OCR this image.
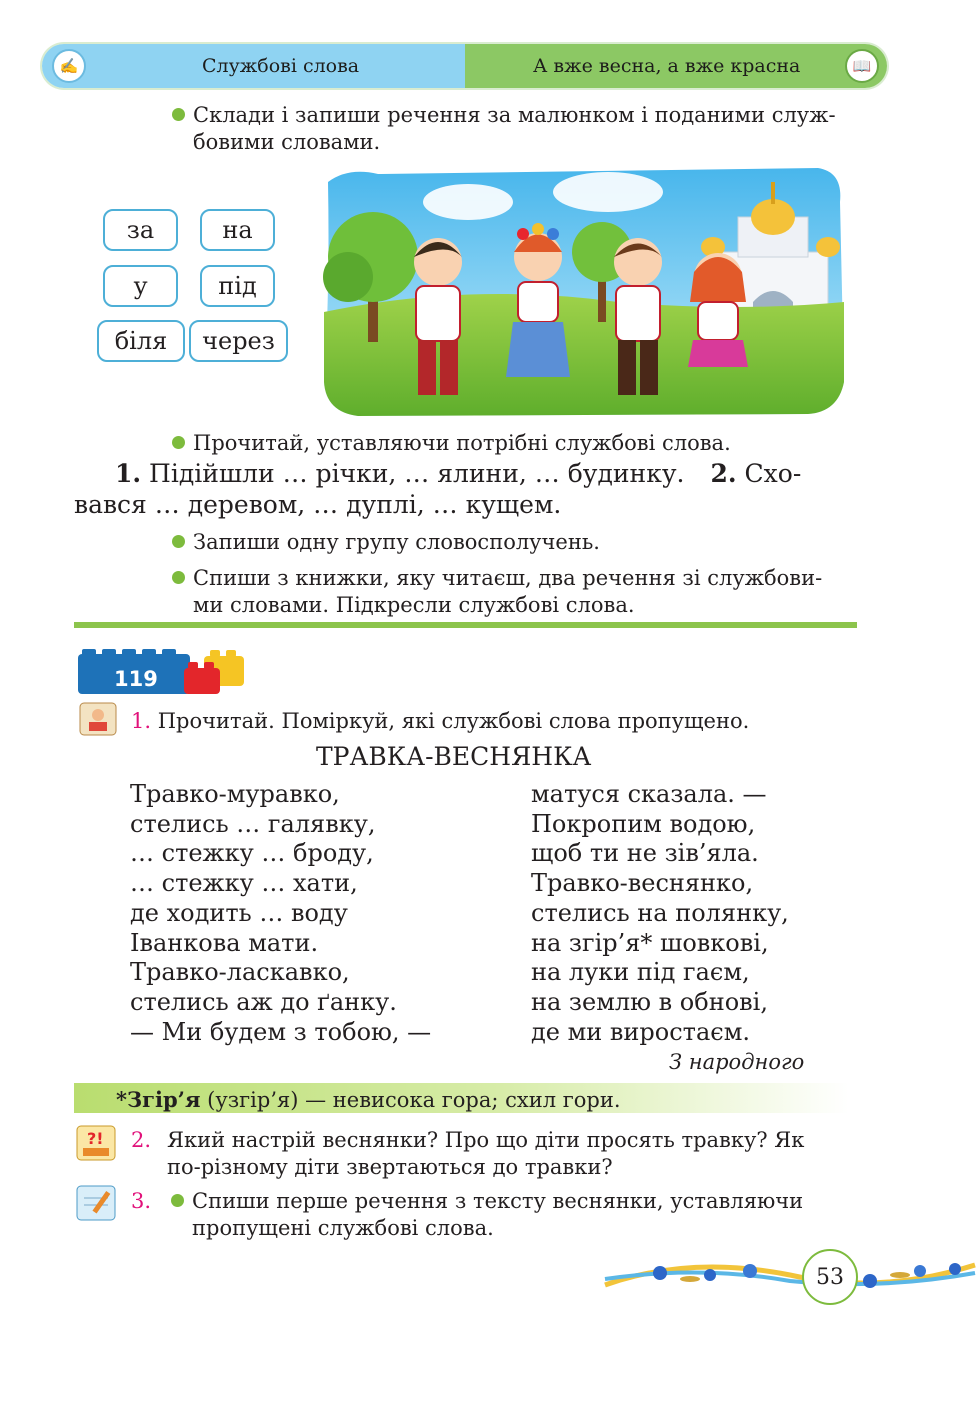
✍	Службові слова	А вже весна, а вже красна	📖
Склади і запиши речення за малюнком і поданими служ-
бовими словами.
за	на
у	під
біля через
Прочитай, уставляючи потрібні службові слова.
1. Підійшли … річки, … ялини, … будинку. 2. Схо-
вався … деревом, … дуплі, … кущем.
Запиши одну групу словосполучень.
Спиши з книжки, яку читаєш, два речення зі службови-
ми словами. Підкресли службові слова.
119
1. Прочитай. Поміркуй, які службові слова пропущено.
ТРАВКА-ВЕСНЯНКА
Травко-муравко,
стелись … галявку,
… стежку … броду,
… стежку … хати,
де ходить … воду
Іванкова мати.
Травко-ласкавко,
стелись аж до ґанку.
— Ми будем з тобою, —
матуся сказала. —
Покропим водою,
щоб ти не зів’яла.
Травко-веснянко,
стелись на полянку,
на згір’я* шовкові,
на луки під гаєм,
на землю в обнові,
де ми виростаєм.
З народного
*Згір’я (узгір’я) — невисока гора; схил гори.
?! 2. Який настрій веснянки? Про що діти просять травку? Як
по-різному діти звертаються до травки?
3. Спиши перше речення з тексту веснянки, уставляючи
пропущені службові слова.
53
